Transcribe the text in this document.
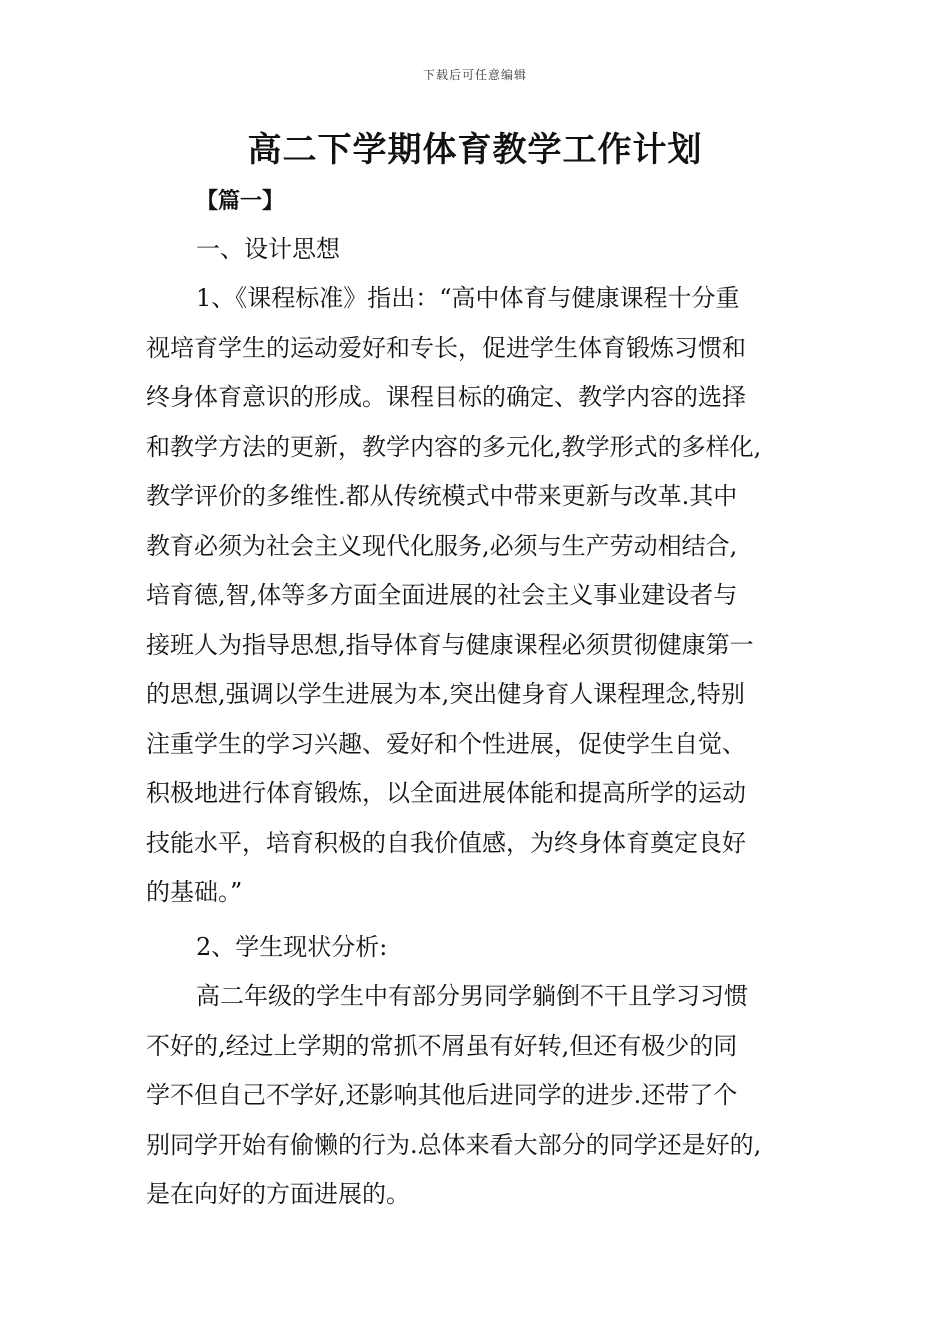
下载后可任意编辑
高二下学期体育教学工作计划
【篇一】
一、设计思想
1、《课程标准》指出：“高中体育与健康课程十分重
视培育学生的运动爱好和专长，促进学生体育锻炼习惯和
终身体育意识的形成。课程目标的确定、教学内容的选择
和教学方法的更新，教学内容的多元化,教学形式的多样化,
教学评价的多维性.都从传统模式中带来更新与改革.其中
教育必须为社会主义现代化服务,必须与生产劳动相结合,
培育德,智,体等多方面全面进展的社会主义事业建设者与
接班人为指导思想,指导体育与健康课程必须贯彻健康第一
的思想,强调以学生进展为本,突出健身育人课程理念,特别
注重学生的学习兴趣、爱好和个性进展，促使学生自觉、
积极地进行体育锻炼，以全面进展体能和提高所学的运动
技能水平，培育积极的自我价值感，为终身体育奠定良好
的基础。”
2、学生现状分析:
高二年级的学生中有部分男同学躺倒不干且学习习惯
不好的,经过上学期的常抓不屑虽有好转,但还有极少的同
学不但自己不学好,还影响其他后进同学的进步.还带了个
别同学开始有偷懒的行为.总体来看大部分的同学还是好的,
是在向好的方面进展的。
